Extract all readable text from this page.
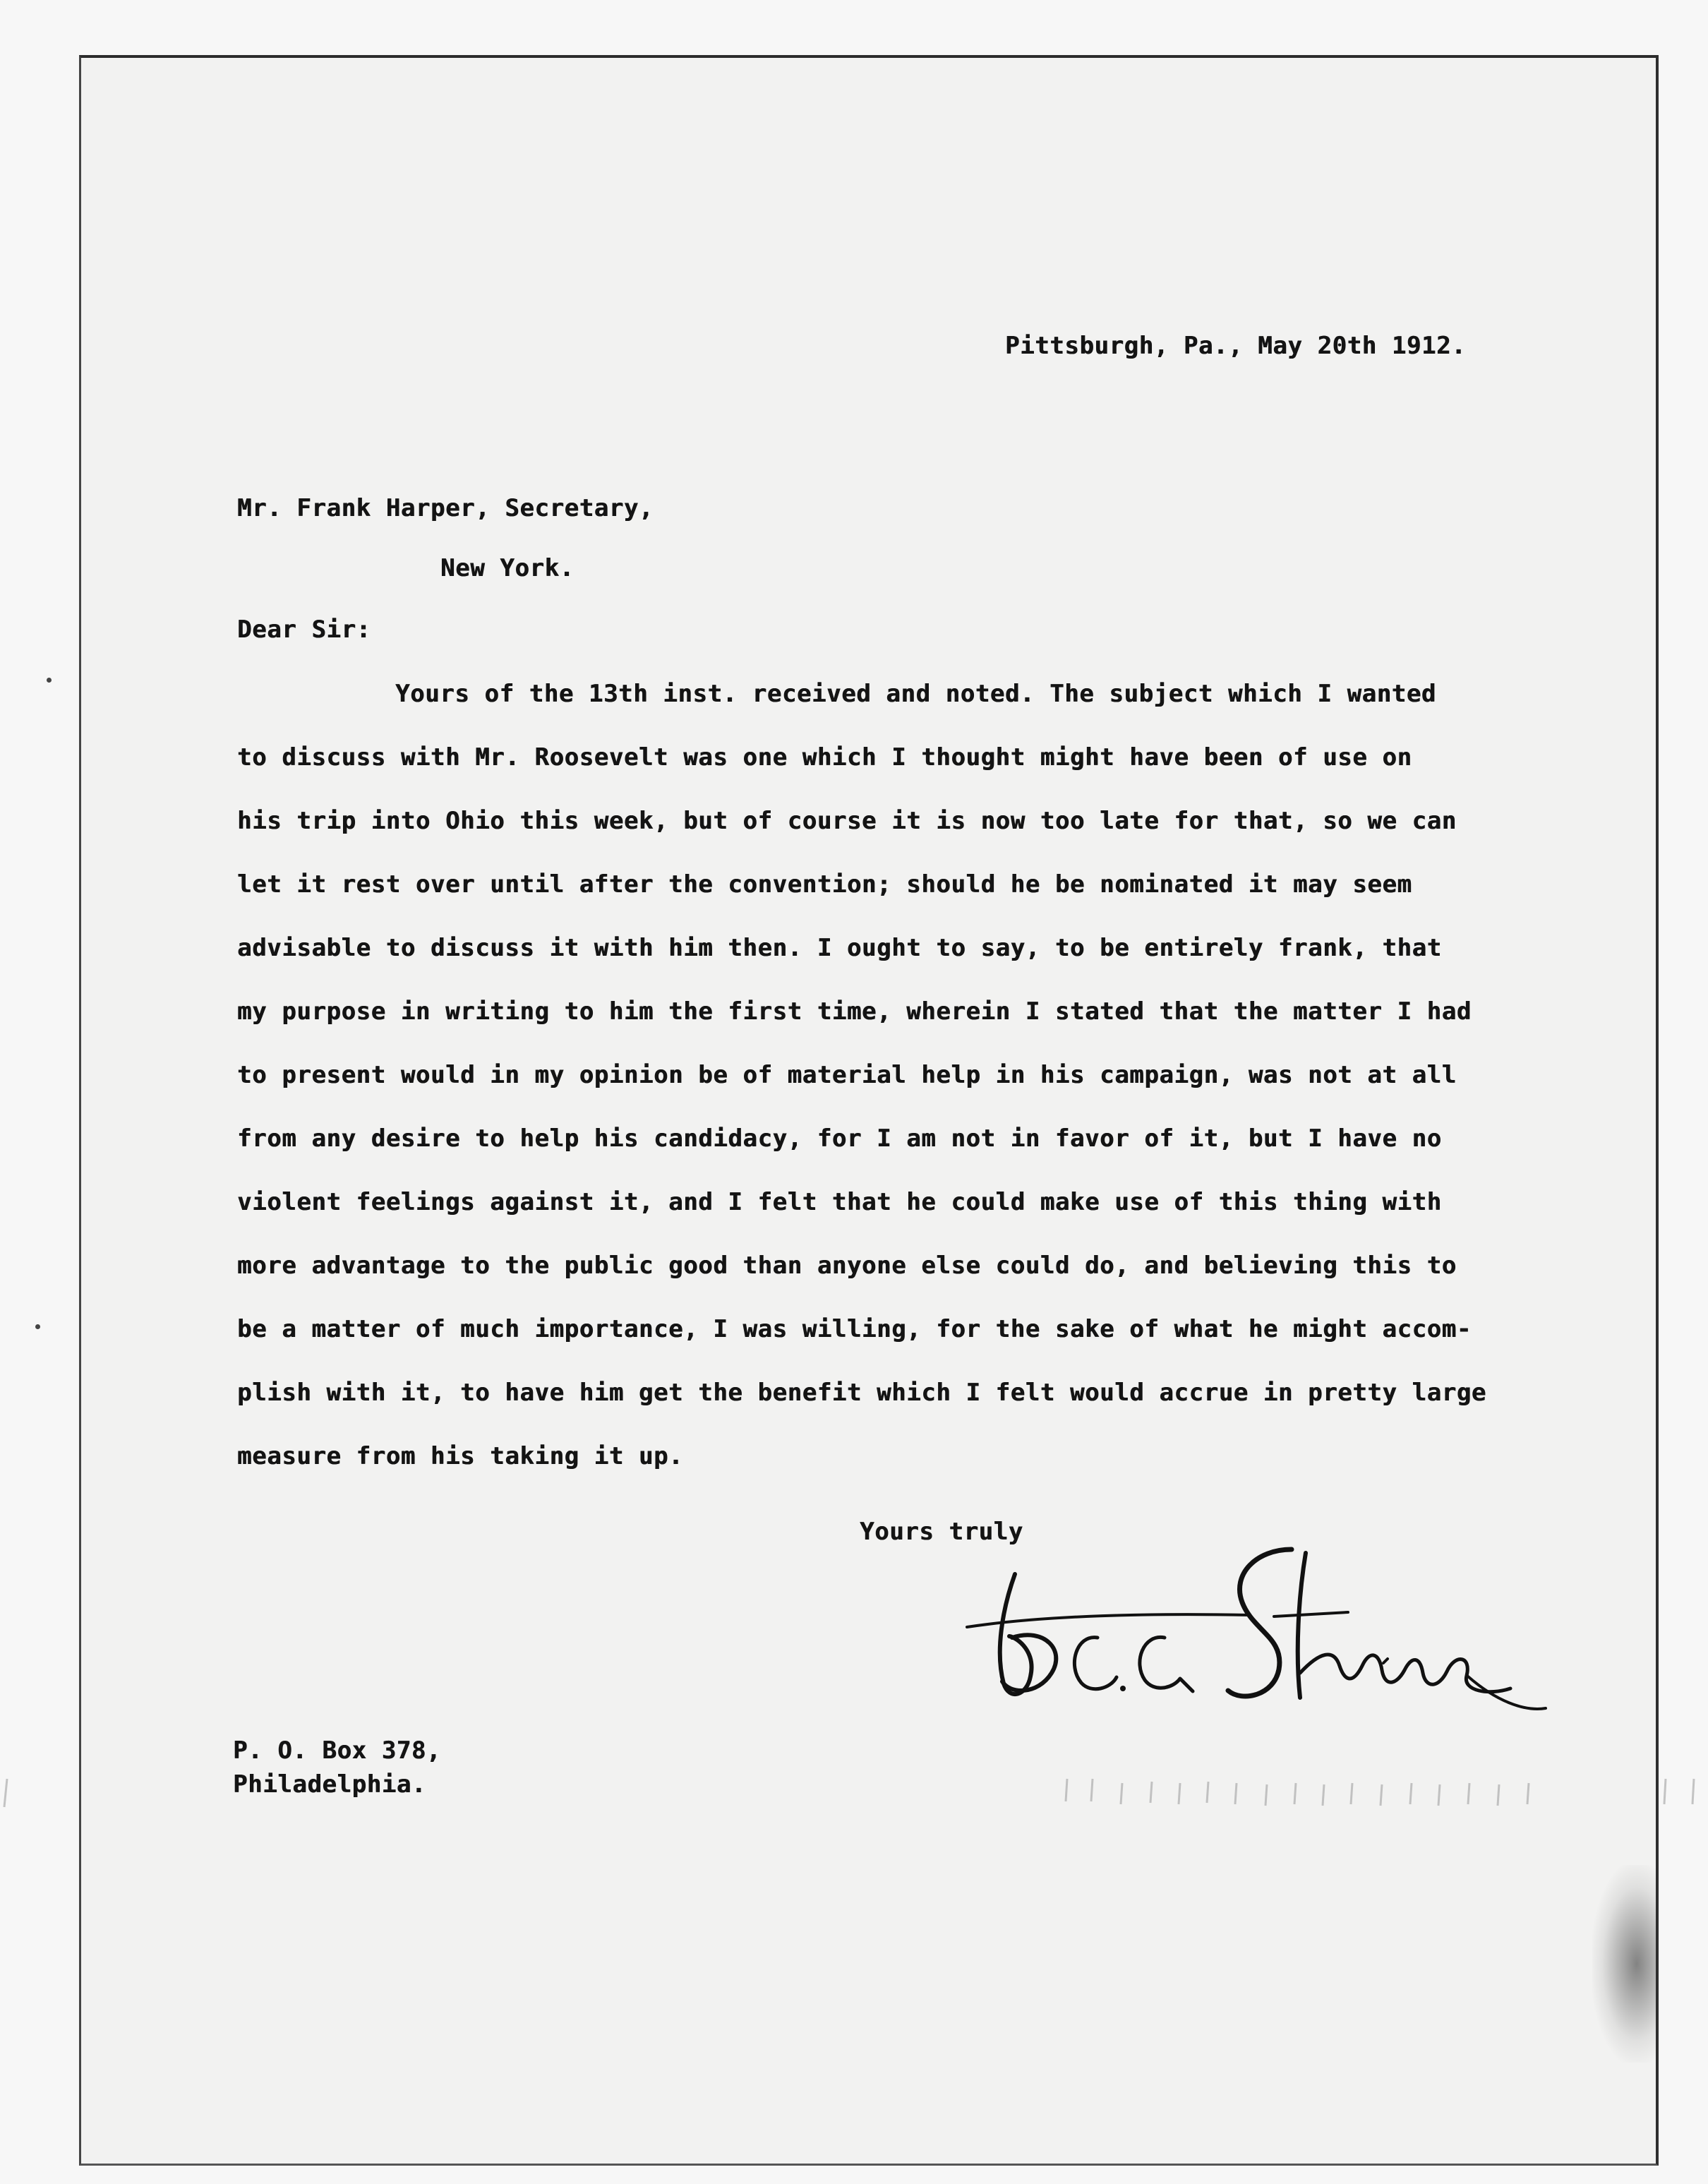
Pittsburgh, Pa., May 20th 1912.

Mr. Frank Harper, Secretary,

New York.

Dear Sir:

Yours of the 13th inst. received and noted. The subject which I wanted

to discuss with Mr. Roosevelt was one which I thought might have been of use on

his trip into Ohio this week, but of course it is now too late for that, so we can

let it rest over until after the convention; should he be nominated it may seem

advisable to discuss it with him then. I ought to say, to be entirely frank, that

my purpose in writing to him the first time, wherein I stated that the matter I had

to present would in my opinion be of material help in his campaign, was not at all

from any desire to help his candidacy, for I am not in favor of it, but I have no

violent feelings against it, and I felt that he could make use of this thing with

more advantage to the public good than anyone else could do, and believing this to

be a matter of much importance, I was willing, for the sake of what he might accom-

plish with it, to have him get the benefit which I felt would accrue in pretty large

measure from his taking it up.

Yours truly

P. O. Box 378,

Philadelphia.
